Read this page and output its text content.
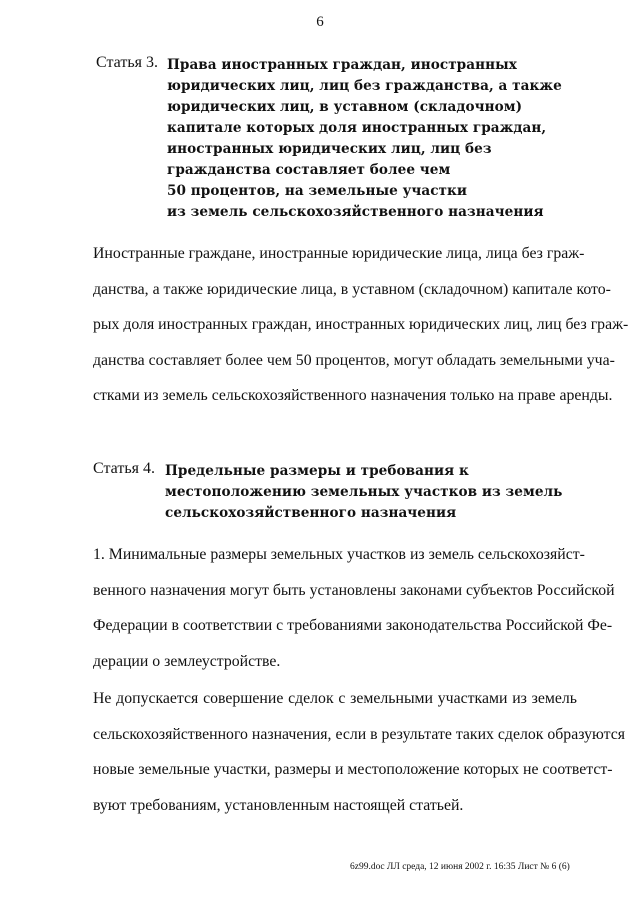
6
Статья 3. Права иностранных граждан, иностранных
юридических лиц, лиц без гражданства, а также
юридических лиц, в уставном (складочном)
капитале которых доля иностранных граждан,
иностранных юридических лиц, лиц без
гражданства составляет более чем
50 процентов, на земельные участки
из земель сельскохозяйственного назначения
Иностранные граждане, иностранные юридические лица, лица без граж-
данства, а также юридические лица, в уставном (складочном) капитале кото-
рых доля иностранных граждан, иностранных юридических лиц, лиц без граж-
данства составляет более чем 50 процентов, могут обладать земельными уча-
стками из земель сельскохозяйственного назначения только на праве аренды.
Статья 4. Предельные размеры и требования к
местоположению земельных участков из земель
сельскохозяйственного назначения
1. Минимальные размеры земельных участков из земель сельскохозяйст-
венного назначения могут быть установлены законами субъектов Российской
Федерации в соответствии с требованиями законодательства Российской Фе-
дерации о землеустройстве.
Не допускается совершение сделок с земельными участками из земель
сельскохозяйственного назначения, если в результате таких сделок образуются
новые земельные участки, размеры и местоположение которых не соответст-
вуют требованиям, установленным настоящей статьей.
6z99.doc ЛЛ среда, 12 июня 2002 г. 16:35 Лист № 6 (6)
